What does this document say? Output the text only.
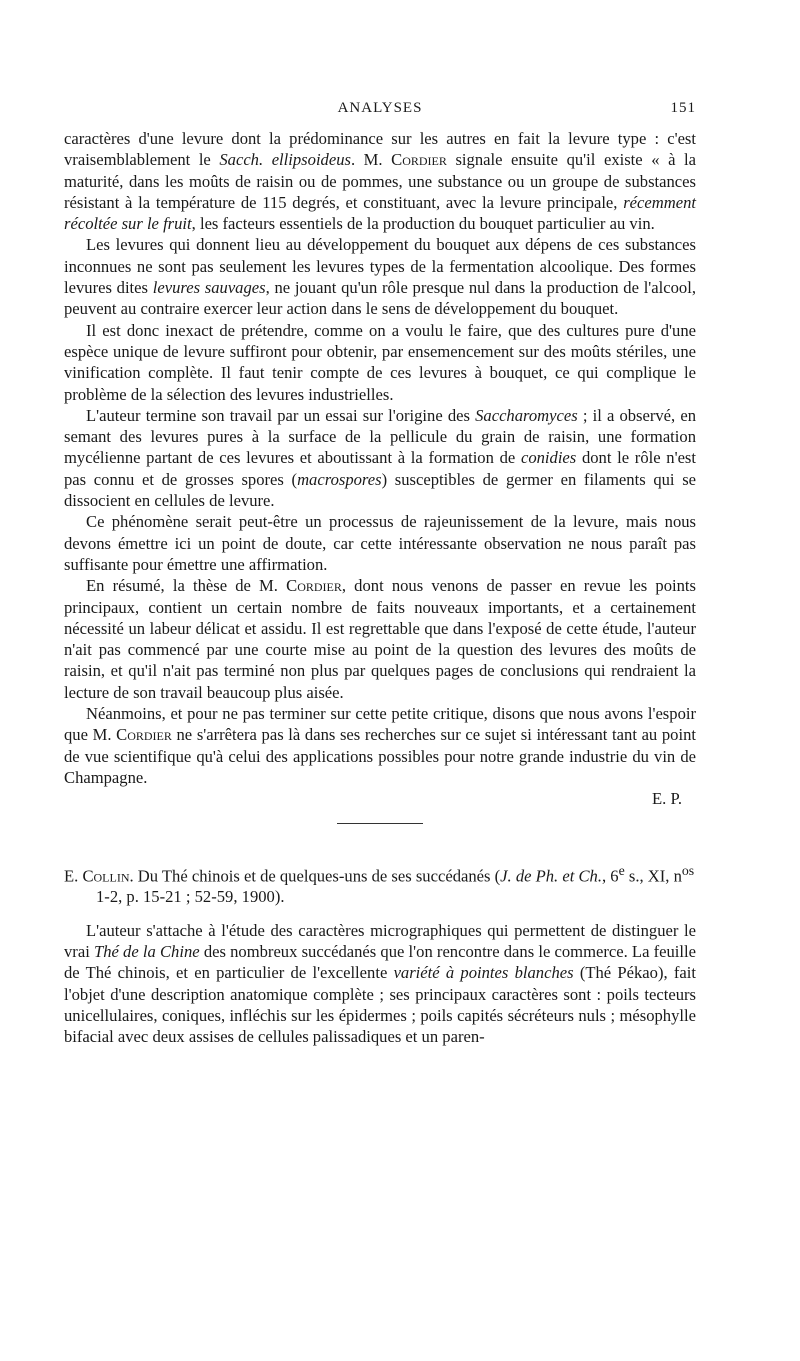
ANALYSES	151

caractères d'une levure dont la prédominance sur les autres en fait la levure type : c'est vraisemblablement le Sacch. ellipsoideus. M. Cordier signale ensuite qu'il existe « à la maturité, dans les moûts de raisin ou de pommes, une substance ou un groupe de substances résistant à la température de 115 degrés, et constituant, avec la levure principale, récemment récoltée sur le fruit, les facteurs essentiels de la production du bouquet particulier au vin.

Les levures qui donnent lieu au développement du bouquet aux dépens de ces substances inconnues ne sont pas seulement les levures types de la fermentation alcoolique. Des formes levures dites levures sauvages, ne jouant qu'un rôle presque nul dans la production de l'alcool, peuvent au contraire exercer leur action dans le sens de développement du bouquet.

Il est donc inexact de prétendre, comme on a voulu le faire, que des cultures pure d'une espèce unique de levure suffiront pour obtenir, par ensemencement sur des moûts stériles, une vinification complète. Il faut tenir compte de ces levures à bouquet, ce qui complique le problème de la sélection des levures industrielles.

L'auteur termine son travail par un essai sur l'origine des Saccharomyces ; il a observé, en semant des levures pures à la surface de la pellicule du grain de raisin, une formation mycélienne partant de ces levures et aboutissant à la formation de conidies dont le rôle n'est pas connu et de grosses spores (macrospores) susceptibles de germer en filaments qui se dissocient en cellules de levure.

Ce phénomène serait peut-être un processus de rajeunissement de la levure, mais nous devons émettre ici un point de doute, car cette intéressante observation ne nous paraît pas suffisante pour émettre une affirmation.

En résumé, la thèse de M. Cordier, dont nous venons de passer en revue les points principaux, contient un certain nombre de faits nouveaux importants, et a certainement nécessité un labeur délicat et assidu. Il est regrettable que dans l'exposé de cette étude, l'auteur n'ait pas commencé par une courte mise au point de la question des levures des moûts de raisin, et qu'il n'ait pas terminé non plus par quelques pages de conclusions qui rendraient la lecture de son travail beaucoup plus aisée.

Néanmoins, et pour ne pas terminer sur cette petite critique, disons que nous avons l'espoir que M. Cordier ne s'arrêtera pas là dans ses recherches sur ce sujet si intéressant tant au point de vue scientifique qu'à celui des applications possibles pour notre grande industrie du vin de Champagne.

E. P.
E. Collin. Du Thé chinois et de quelques-uns de ses succédanés (J. de Ph. et Ch., 6e s., XI, $n^{os}$ 1-2, p. 15-21 ; 52-59, 1900).

L'auteur s'attache à l'étude des caractères micrographiques qui permettent de distinguer le vrai Thé de la Chine des nombreux succédanés que l'on rencontre dans le commerce. La feuille de Thé chinois, et en particulier de l'excellente variété à pointes blanches (Thé Pékao), fait l'objet d'une description anatomique complète ; ses principaux caractères sont : poils tecteurs unicellulaires, coniques, infléchis sur les épidermes ; poils capités sécréteurs nuls ; mésophylle bifacial avec deux assises de cellules palissadiques et un paren-
